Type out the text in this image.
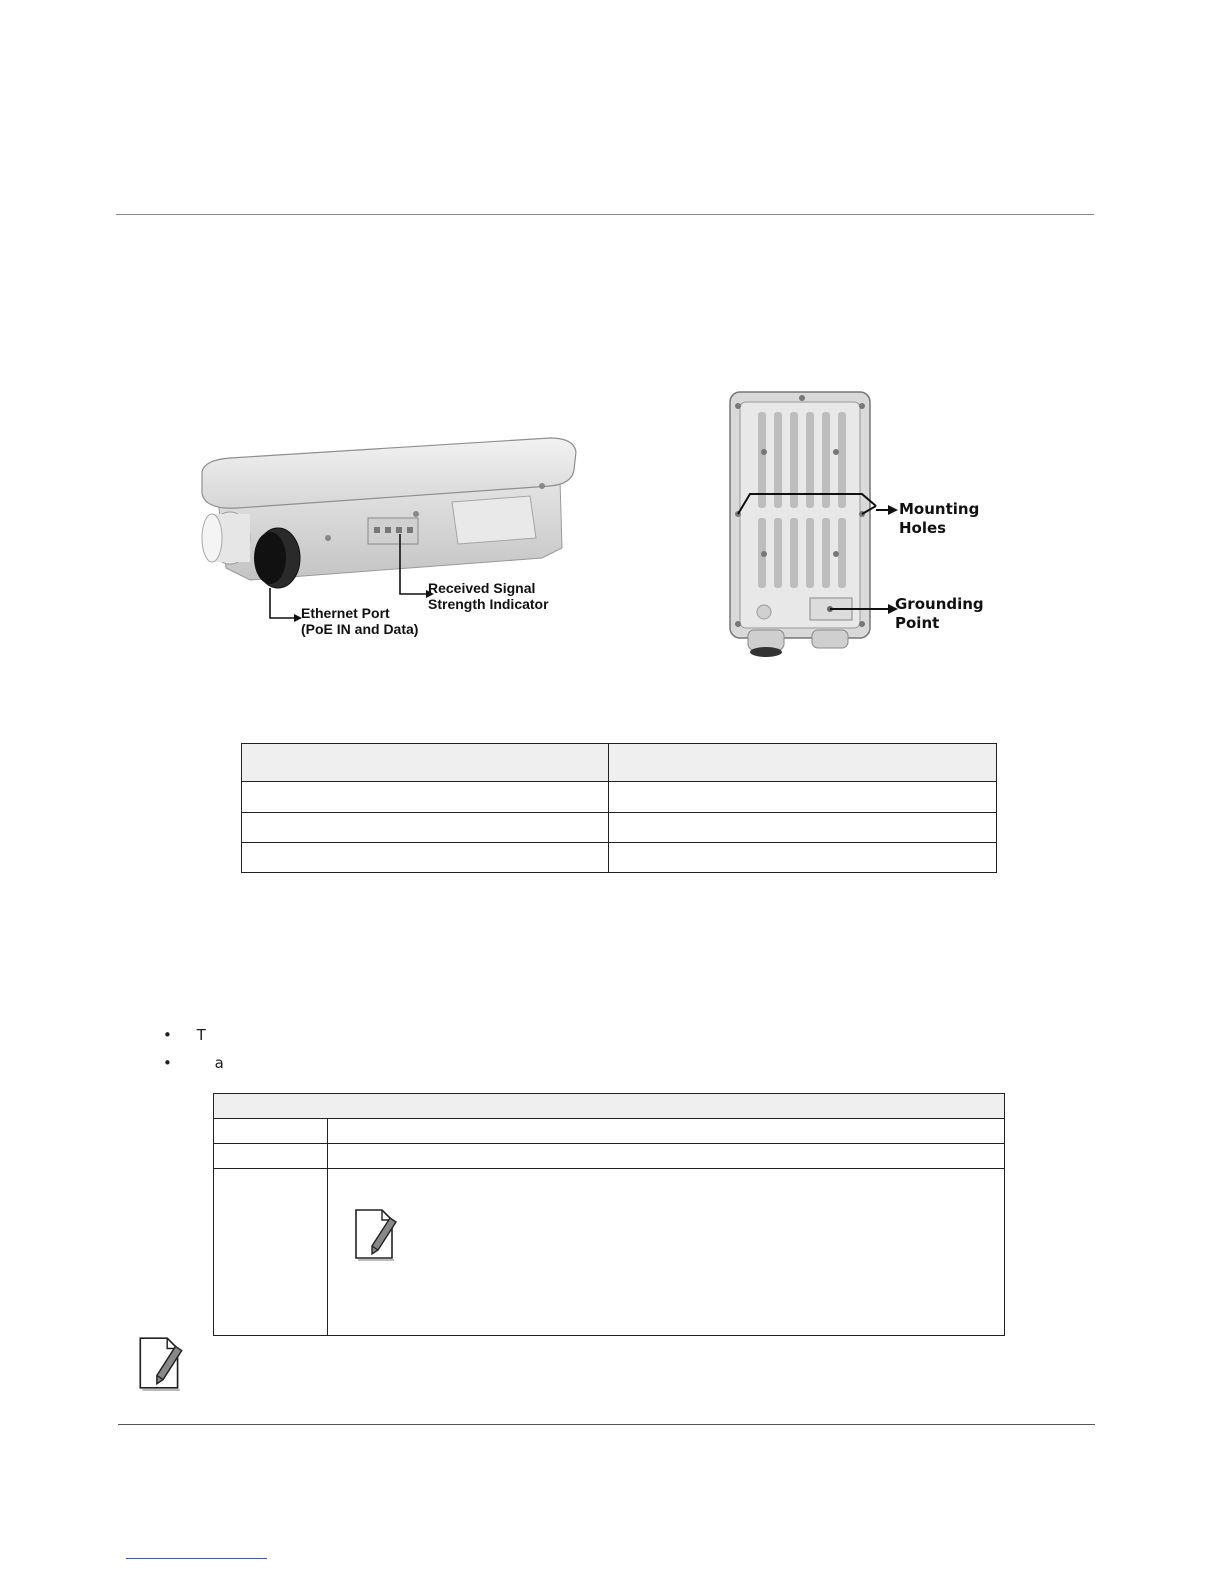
Received Signal
Strength Indicator
Ethernet Port
(PoE IN and Data)
Mounting
Holes
Grounding
Point

• T
•	a
